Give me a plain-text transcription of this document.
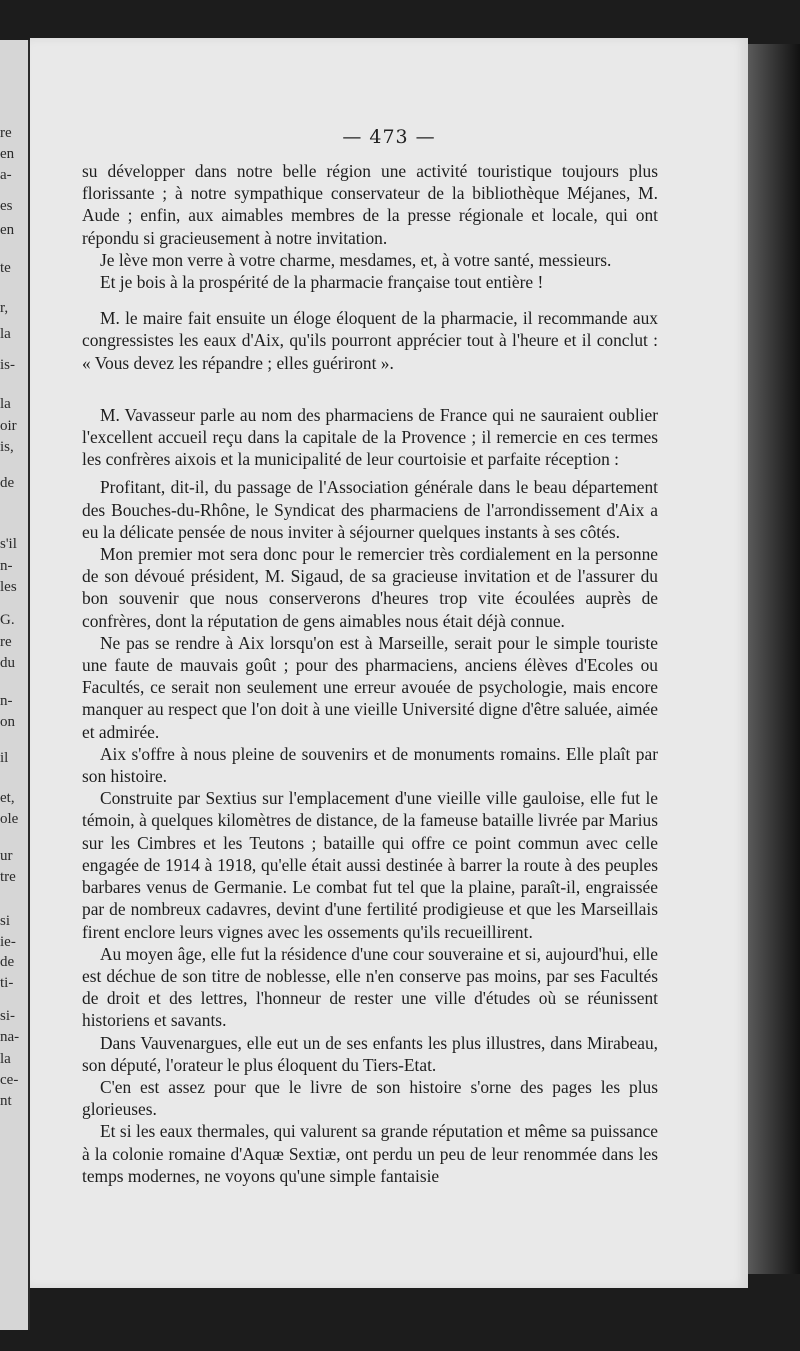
re
en
a-
es
en
te
r,
la
is-
la
oir
is,
de
s'il
n-
les
G.
re
du
n-
on
il
et,
ole
ur
tre
si
ie-
de
ti-
si-
na-
la
ce-
nt
— 473 —

su développer dans notre belle région une activité touristique toujours plus florissante ; à notre sympathique conservateur de la bibliothèque Méjanes, M. Aude ; enfin, aux aimables membres de la presse régionale et locale, qui ont répondu si gracieusement à notre invitation.

Je lève mon verre à votre charme, mesdames, et, à votre santé, messieurs.

Et je bois à la prospérité de la pharmacie française tout entière !

M. le maire fait ensuite un éloge éloquent de la pharmacie, il recommande aux congressistes les eaux d'Aix, qu'ils pourront apprécier tout à l'heure et il conclut : « Vous devez les répandre ; elles guériront ».

M. Vavasseur parle au nom des pharmaciens de France qui ne sauraient oublier l'excellent accueil reçu dans la capitale de la Provence ; il remercie en ces termes les confrères aixois et la municipalité de leur courtoisie et parfaite réception :

Profitant, dit-il, du passage de l'Association générale dans le beau département des Bouches-du-Rhône, le Syndicat des pharmaciens de l'arrondissement d'Aix a eu la délicate pensée de nous inviter à séjourner quelques instants à ses côtés.

Mon premier mot sera donc pour le remercier très cordialement en la personne de son dévoué président, M. Sigaud, de sa gracieuse invitation et de l'assurer du bon souvenir que nous conserverons d'heures trop vite écoulées auprès de confrères, dont la réputation de gens aimables nous était déjà connue.

Ne pas se rendre à Aix lorsqu'on est à Marseille, serait pour le simple touriste une faute de mauvais goût ; pour des pharmaciens, anciens élèves d'Ecoles ou Facultés, ce serait non seulement une erreur avouée de psychologie, mais encore manquer au respect que l'on doit à une vieille Université digne d'être saluée, aimée et admirée.

Aix s'offre à nous pleine de souvenirs et de monuments romains. Elle plaît par son histoire.

Construite par Sextius sur l'emplacement d'une vieille ville gauloise, elle fut le témoin, à quelques kilomètres de distance, de la fameuse bataille livrée par Marius sur les Cimbres et les Teutons ; bataille qui offre ce point commun avec celle engagée de 1914 à 1918, qu'elle était aussi destinée à barrer la route à des peuples barbares venus de Germanie. Le combat fut tel que la plaine, paraît-il, engraissée par de nombreux cadavres, devint d'une fertilité prodigieuse et que les Marseillais firent enclore leurs vignes avec les ossements qu'ils recueillirent.

Au moyen âge, elle fut la résidence d'une cour souveraine et si, aujourd'hui, elle est déchue de son titre de noblesse, elle n'en conserve pas moins, par ses Facultés de droit et des lettres, l'honneur de rester une ville d'études où se réunissent historiens et savants.

Dans Vauvenargues, elle eut un de ses enfants les plus illustres, dans Mirabeau, son député, l'orateur le plus éloquent du Tiers-Etat.

C'en est assez pour que le livre de son histoire s'orne des pages les plus glorieuses.

Et si les eaux thermales, qui valurent sa grande réputation et même sa puissance à la colonie romaine d'Aquæ Sextiæ, ont perdu un peu de leur renommée dans les temps modernes, ne voyons qu'une simple fantaisie
